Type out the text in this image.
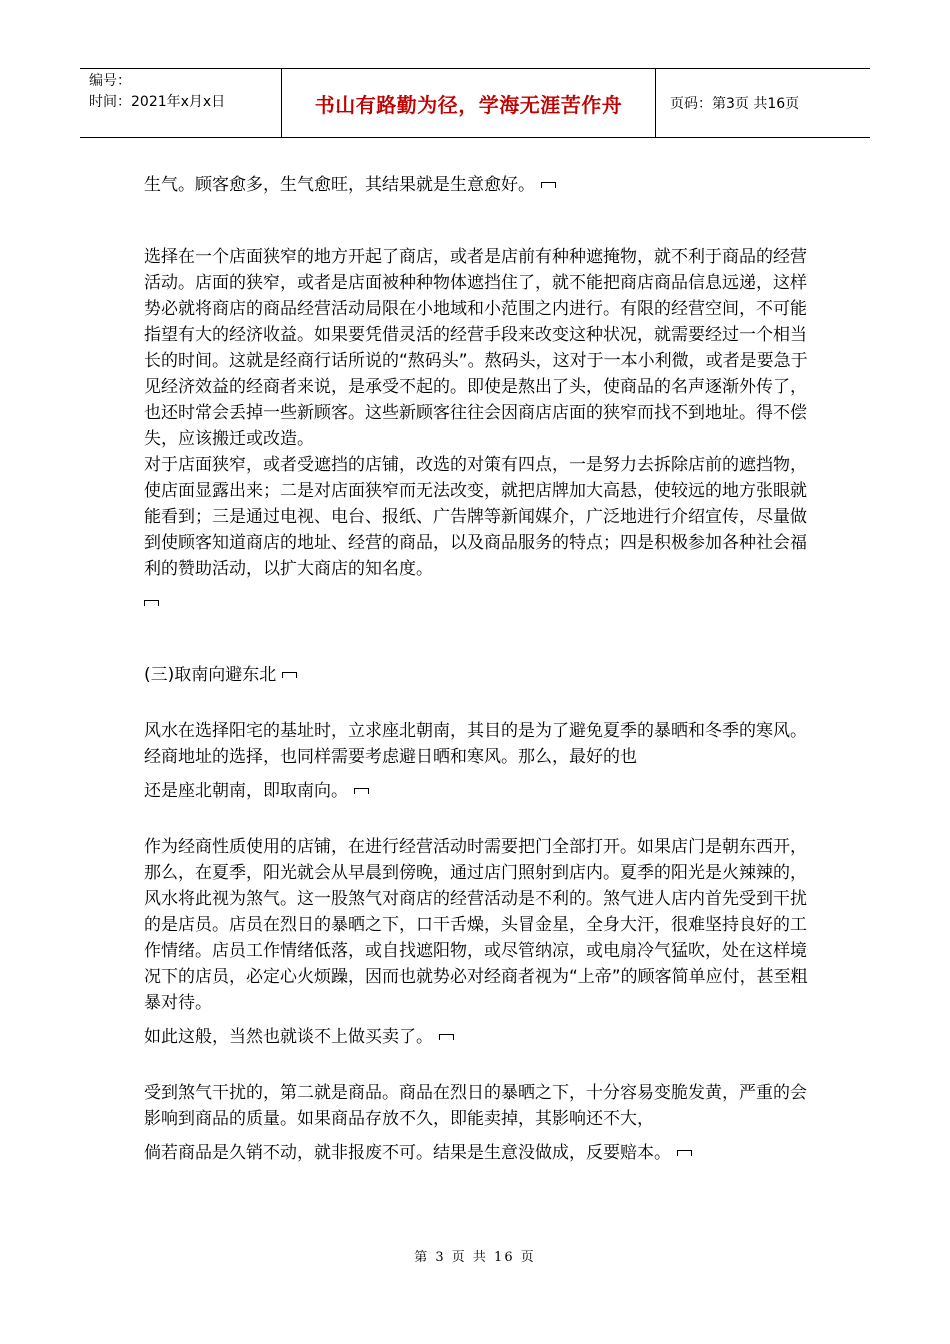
编号：
时间：2021年x月x日	书山有路勤为径，学海无涯苦作舟	页码：第3页 共16页

生气。顾客愈多，生气愈旺，其结果就是生意愈好。

选择在一个店面狭窄的地方开起了商店，或者是店前有种种遮掩物，就不利于商品的经营活动。店面的狭窄，或者是店面被种种物体遮挡住了，就不能把商店商品信息远递，这样势必就将商店的商品经营活动局限在小地域和小范围之内进行。有限的经营空间，不可能指望有大的经济收益。如果要凭借灵活的经营手段来改变这种状况，就需要经过一个相当长的时间。这就是经商行话所说的“熬码头”。熬码头，这对于一本小利微，或者是要急于见经济效益的经商者来说，是承受不起的。即使是熬出了头，使商品的名声逐渐外传了，也还时常会丢掉一些新顾客。这些新顾客往往会因商店店面的狭窄而找不到地址。得不偿失，应该搬迁或改造。

对于店面狭窄，或者受遮挡的店铺，改选的对策有四点，一是努力去拆除店前的遮挡物，使店面显露出来；二是对店面狭窄而无法改变，就把店牌加大高悬，使较远的地方张眼就能看到；三是通过电视、电台、报纸、广告牌等新闻媒介，广泛地进行介绍宣传，尽量做到使顾客知道商店的地址、经营的商品，以及商品服务的特点；四是积极参加各种社会福利的赞助活动，以扩大商店的知名度。

(三)取南向避东北

风水在选择阳宅的基址时，立求座北朝南，其目的是为了避免夏季的暴晒和冬季的寒风。经商地址的选择，也同样需要考虑避日晒和寒风。那么，最好的也

还是座北朝南，即取南向。

作为经商性质使用的店铺，在进行经营活动时需要把门全部打开。如果店门是朝东西开，那么，在夏季，阳光就会从早晨到傍晚，通过店门照射到店内。夏季的阳光是火辣辣的，风水将此视为煞气。这一股煞气对商店的经营活动是不利的。煞气进人店内首先受到干扰的是店员。店员在烈日的暴晒之下，口干舌燥，头冒金星，全身大汗，很难坚持良好的工作情绪。店员工作情绪低落，或自找遮阳物，或尽管纳凉，或电扇冷气猛吹，处在这样境况下的店员，必定心火烦躁，因而也就势必对经商者视为“上帝”的顾客简单应付，甚至粗暴对待。

如此这般，当然也就谈不上做买卖了。

受到煞气干扰的，第二就是商品。商品在烈日的暴晒之下，十分容易变脆发黄，严重的会影响到商品的质量。如果商品存放不久，即能卖掉，其影响还不大，

倘若商品是久销不动，就非报废不可。结果是生意没做成，反要赔本。

第 3 页 共 16 页
